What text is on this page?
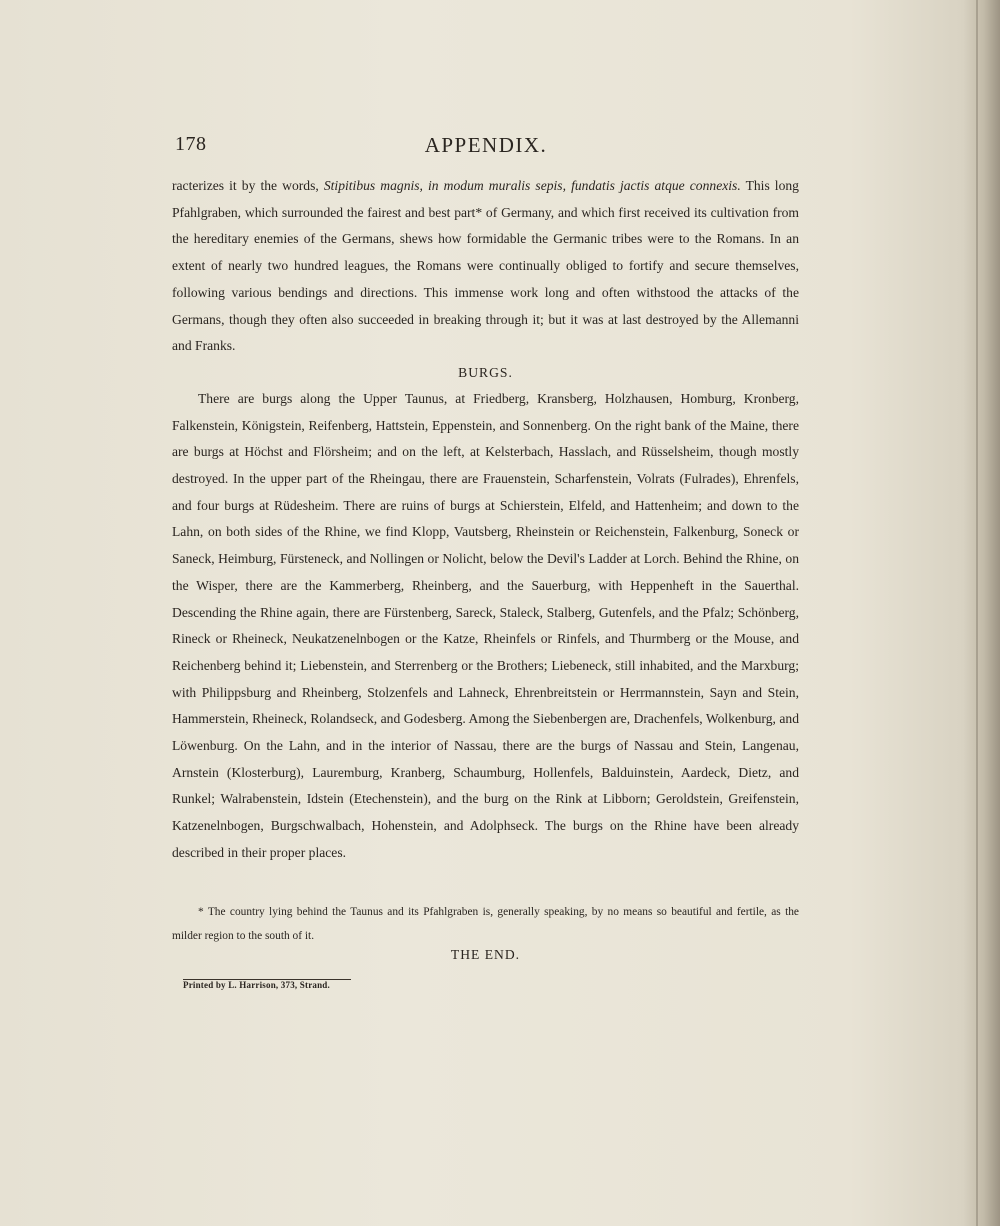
178	APPENDIX.

racterizes it by the words, Stipitibus magnis, in modum muralis sepis, fundatis jactis atque connexis. This long Pfahlgraben, which surrounded the fairest and best part* of Germany, and which first received its cultivation from the hereditary enemies of the Germans, shews how formidable the Germanic tribes were to the Romans. In an extent of nearly two hundred leagues, the Romans were continually obliged to fortify and secure themselves, following various bendings and directions. This immense work long and often withstood the attacks of the Germans, though they often also succeeded in breaking through it; but it was at last destroyed by the Allemanni and Franks.

BURGS.

There are burgs along the Upper Taunus, at Friedberg, Kransberg, Holzhausen, Homburg, Kronberg, Falkenstein, Königstein, Reifenberg, Hattstein, Eppenstein, and Sonnenberg. On the right bank of the Maine, there are burgs at Höchst and Flörsheim; and on the left, at Kelsterbach, Hasslach, and Rüsselsheim, though mostly destroyed. In the upper part of the Rheingau, there are Frauenstein, Scharfenstein, Volrats (Fulrades), Ehrenfels, and four burgs at Rüdesheim. There are ruins of burgs at Schierstein, Elfeld, and Hattenheim; and down to the Lahn, on both sides of the Rhine, we find Klopp, Vautsberg, Rheinstein or Reichenstein, Falkenburg, Soneck or Saneck, Heimburg, Fürsteneck, and Nollingen or Nolicht, below the Devil's Ladder at Lorch. Behind the Rhine, on the Wisper, there are the Kammerberg, Rheinberg, and the Sauerburg, with Heppenheft in the Sauerthal. Descending the Rhine again, there are Fürstenberg, Sareck, Staleck, Stalberg, Gutenfels, and the Pfalz; Schönberg, Rineck or Rheineck, Neukatzenelnbogen or the Katze, Rheinfels or Rinfels, and Thurmberg or the Mouse, and Reichenberg behind it; Liebenstein, and Sterrenberg or the Brothers; Liebeneck, still inhabited, and the Marxburg; with Philippsburg and Rheinberg, Stolzenfels and Lahneck, Ehrenbreitstein or Herrmannstein, Sayn and Stein, Hammerstein, Rheineck, Rolandseck, and Godesberg. Among the Siebenbergen are, Drachenfels, Wolkenburg, and Löwenburg. On the Lahn, and in the interior of Nassau, there are the burgs of Nassau and Stein, Langenau, Arnstein (Klosterburg), Lauremburg, Kranberg, Schaumburg, Hollenfels, Balduinstein, Aardeck, Dietz, and Runkel; Walrabenstein, Idstein (Etechenstein), and the burg on the Rink at Libborn; Geroldstein, Greifenstein, Katzenelnbogen, Burgschwalbach, Hohenstein, and Adolphseck. The burgs on the Rhine have been already described in their proper places.

* The country lying behind the Taunus and its Pfahlgraben is, generally speaking, by no means so beautiful and fertile, as the milder region to the south of it.
THE END.
Printed by L. Harrison, 373, Strand.
